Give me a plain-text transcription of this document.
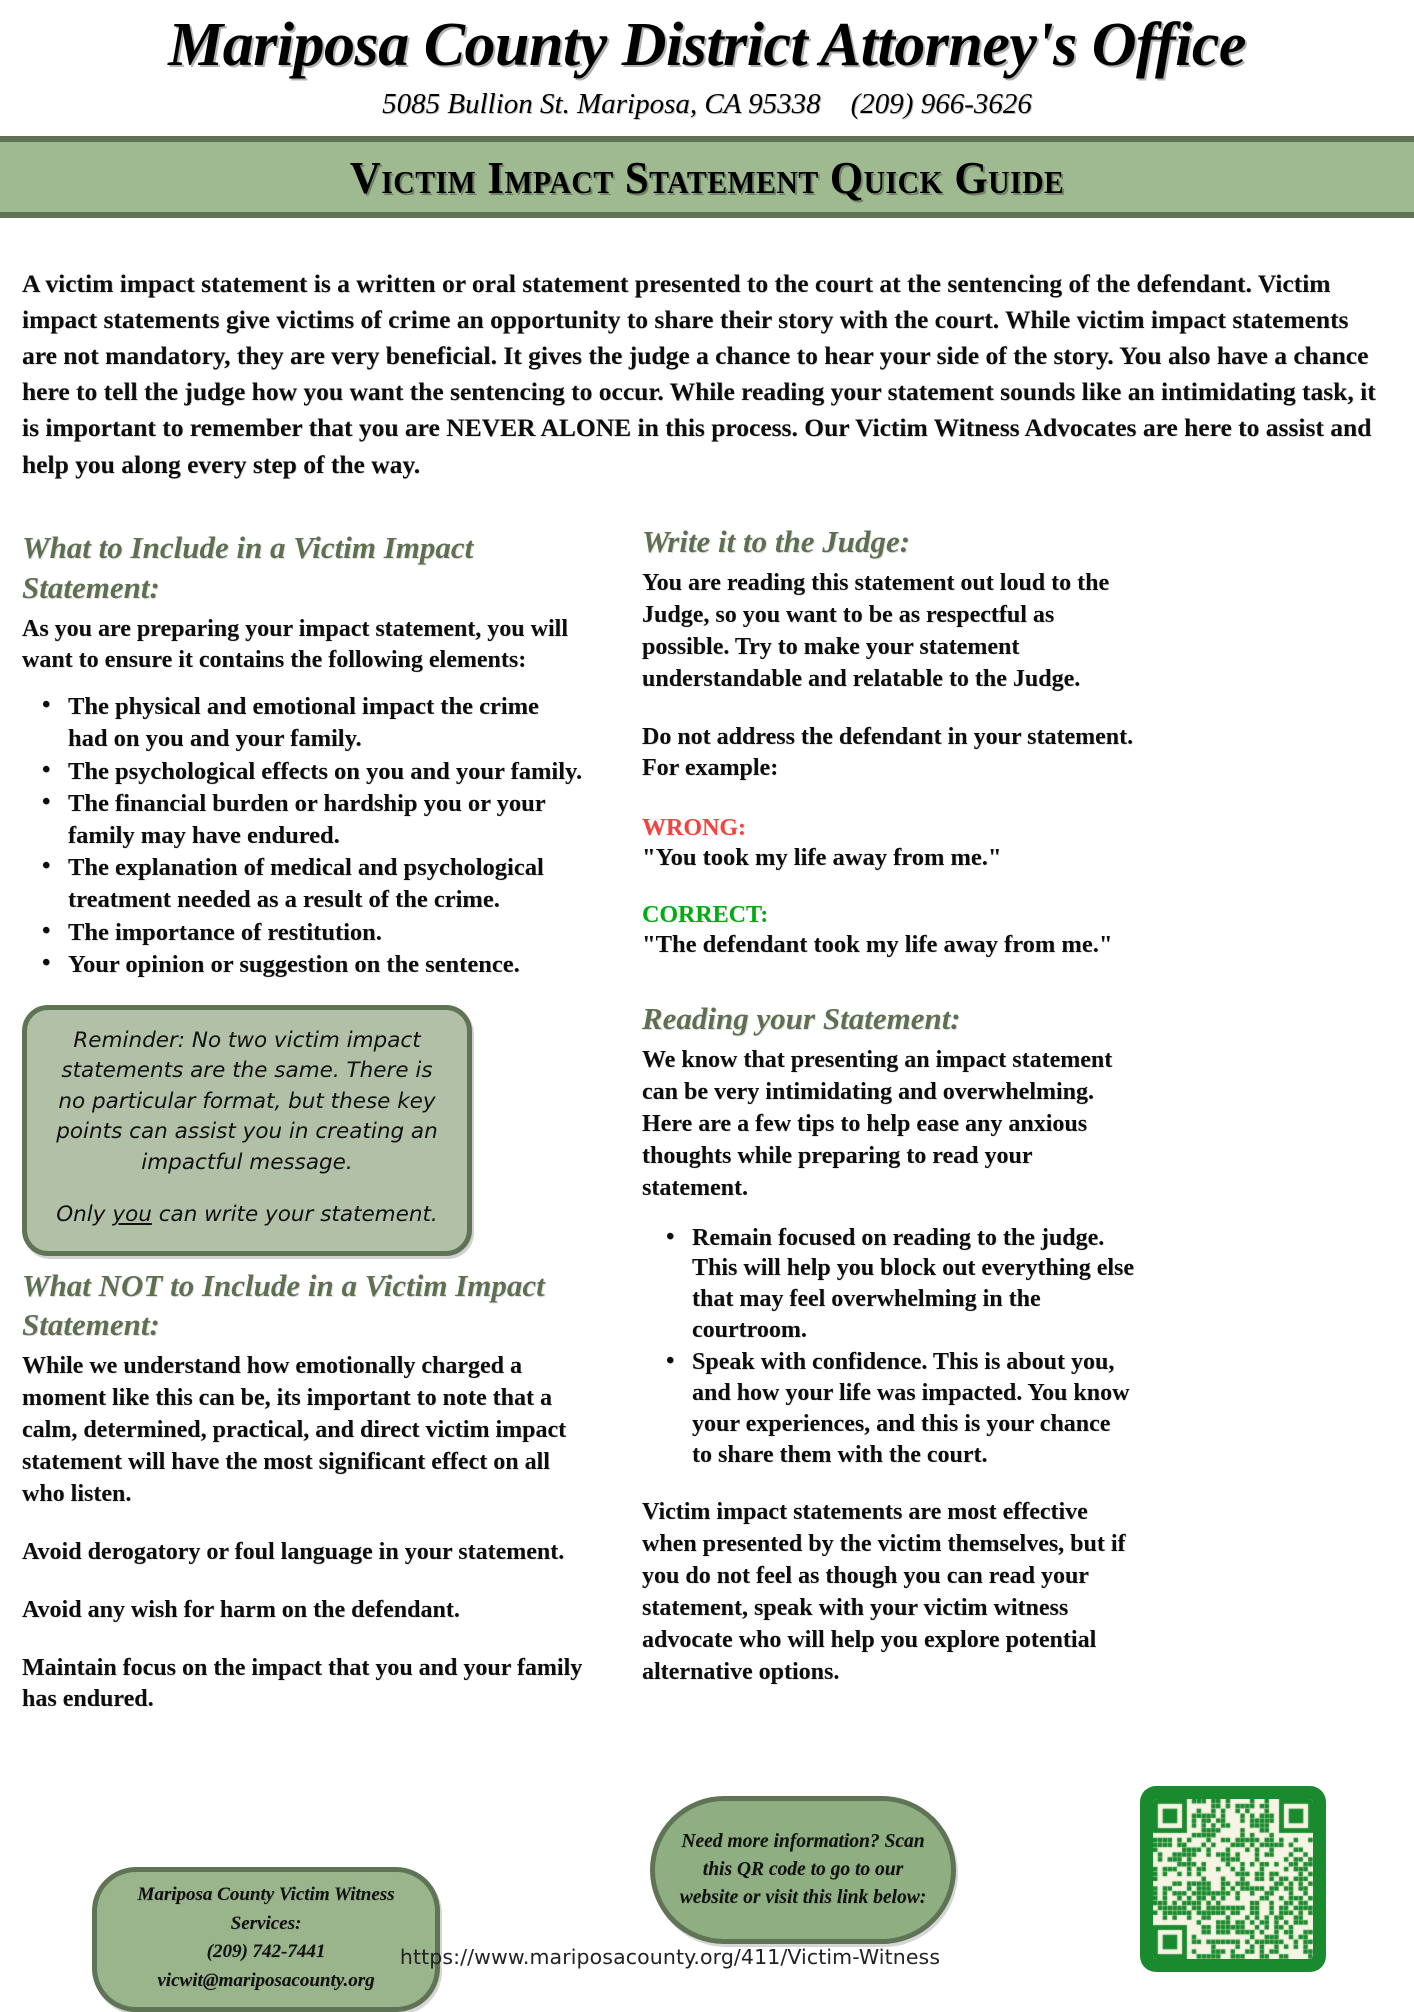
Mariposa County District Attorney's Office
5085 Bullion St. Mariposa, CA 95338 (209) 966-3626
Victim Impact Statement Quick Guide

A victim impact statement is a written or oral statement presented to the court at the sentencing of the defendant. Victim impact statements give victims of crime an opportunity to share their story with the court. While victim impact statements are not mandatory, they are very beneficial. It gives the judge a chance to hear your side of the story. You also have a chance here to tell the judge how you want the sentencing to occur. While reading your statement sounds like an intimidating task, it is important to remember that you are NEVER ALONE in this process. Our Victim Witness Advocates are here to assist and help you along every step of the way.

What to Include in a Victim Impact Statement:

As you are preparing your impact statement, you will want to ensure it contains the following elements:

• The physical and emotional impact the crime had on you and your family.
• The psychological effects on you and your family.
• The financial burden or hardship you or your family may have endured.
• The explanation of medical and psychological treatment needed as a result of the crime.
• The importance of restitution.
• Your opinion or suggestion on the sentence.
Reminder: No two victim impact statements are the same. There is no particular format, but these key points can assist you in creating an impactful message.
Only you can write your statement.
What NOT to Include in a Victim Impact Statement:

While we understand how emotionally charged a moment like this can be, its important to note that a calm, determined, practical, and direct victim impact statement will have the most significant effect on all who listen.

Avoid derogatory or foul language in your statement.

Avoid any wish for harm on the defendant.

Maintain focus on the impact that you and your family has endured.

Write it to the Judge:

You are reading this statement out loud to the Judge, so you want to be as respectful as possible. Try to make your statement understandable and relatable to the Judge.

Do not address the defendant in your statement. For example:

WRONG:

"You took my life away from me."

CORRECT:

"The defendant took my life away from me."

Reading your Statement:

We know that presenting an impact statement can be very intimidating and overwhelming. Here are a few tips to help ease any anxious thoughts while preparing to read your statement.

• Remain focused on reading to the judge. This will help you block out everything else that may feel overwhelming in the courtroom.
• Speak with confidence. This is about you, and how your life was impacted. You know your experiences, and this is your chance to share them with the court.

Victim impact statements are most effective when presented by the victim themselves, but if you do not feel as though you can read your statement, speak with your victim witness advocate who will help you explore potential alternative options.

Mariposa County Victim Witness Services:
(209) 742-7441
vicwit@mariposacounty.org
Need more information? Scan this QR code to go to our website or visit this link below:
https://www.mariposacounty.org/411/Victim-Witness
